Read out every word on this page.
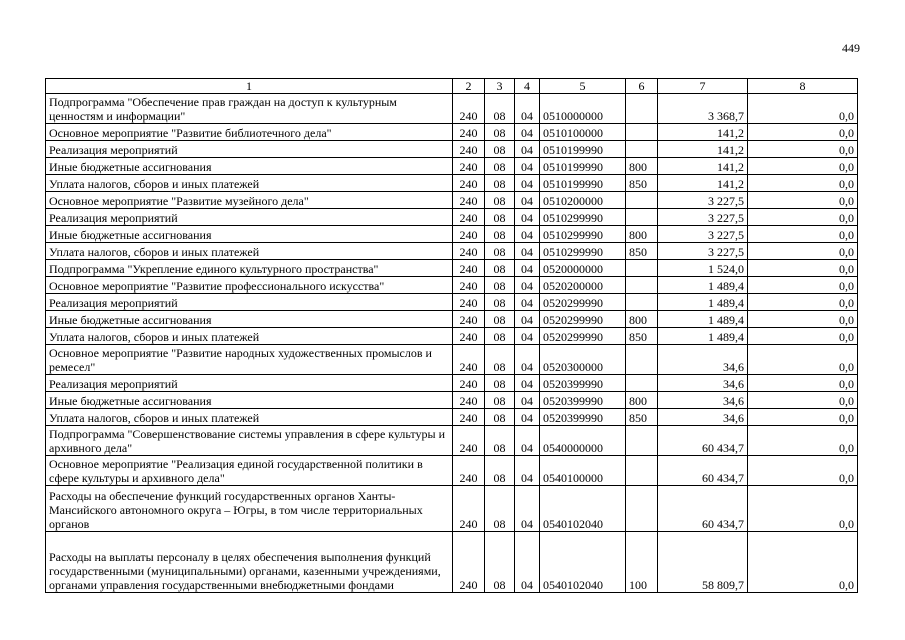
449
1	2	3	4	5	6	7	8
Подпрограмма "Обеспечение прав граждан на доступ к культурным ценностям и информации"	240	08	04	0510000000		3 368,7	0,0
Основное мероприятие "Развитие библиотечного дела"	240	08	04	0510100000		141,2	0,0
Реализация мероприятий	240	08	04	0510199990		141,2	0,0
Иные бюджетные ассигнования	240	08	04	0510199990	800	141,2	0,0
Уплата налогов, сборов и иных платежей	240	08	04	0510199990	850	141,2	0,0
Основное мероприятие "Развитие музейного дела"	240	08	04	0510200000		3 227,5	0,0
Реализация мероприятий	240	08	04	0510299990		3 227,5	0,0
Иные бюджетные ассигнования	240	08	04	0510299990	800	3 227,5	0,0
Уплата налогов, сборов и иных платежей	240	08	04	0510299990	850	3 227,5	0,0
Подпрограмма "Укрепление единого культурного пространства"	240	08	04	0520000000		1 524,0	0,0
Основное мероприятие "Развитие профессионального искусства"	240	08	04	0520200000		1 489,4	0,0
Реализация мероприятий	240	08	04	0520299990		1 489,4	0,0
Иные бюджетные ассигнования	240	08	04	0520299990	800	1 489,4	0,0
Уплата налогов, сборов и иных платежей	240	08	04	0520299990	850	1 489,4	0,0
Основное мероприятие "Развитие народных художественных промыслов и ремесел"	240	08	04	0520300000		34,6	0,0
Реализация мероприятий	240	08	04	0520399990		34,6	0,0
Иные бюджетные ассигнования	240	08	04	0520399990	800	34,6	0,0
Уплата налогов, сборов и иных платежей	240	08	04	0520399990	850	34,6	0,0
Подпрограмма "Совершенствование системы управления в сфере культуры и архивного дела"	240	08	04	0540000000		60 434,7	0,0
Основное мероприятие "Реализация единой государственной политики в сфере культуры и архивного дела"	240	08	04	0540100000		60 434,7	0,0
Расходы на обеспечение функций государственных органов Ханты-Мансийского автономного округа – Югры, в том числе территориальных органов	240	08	04	0540102040		60 434,7	0,0
Расходы на выплаты персоналу в целях обеспечения выполнения функций государственными (муниципальными) органами, казенными учреждениями, органами управления государственными внебюджетными фондами	240	08	04	0540102040	100	58 809,7	0,0
